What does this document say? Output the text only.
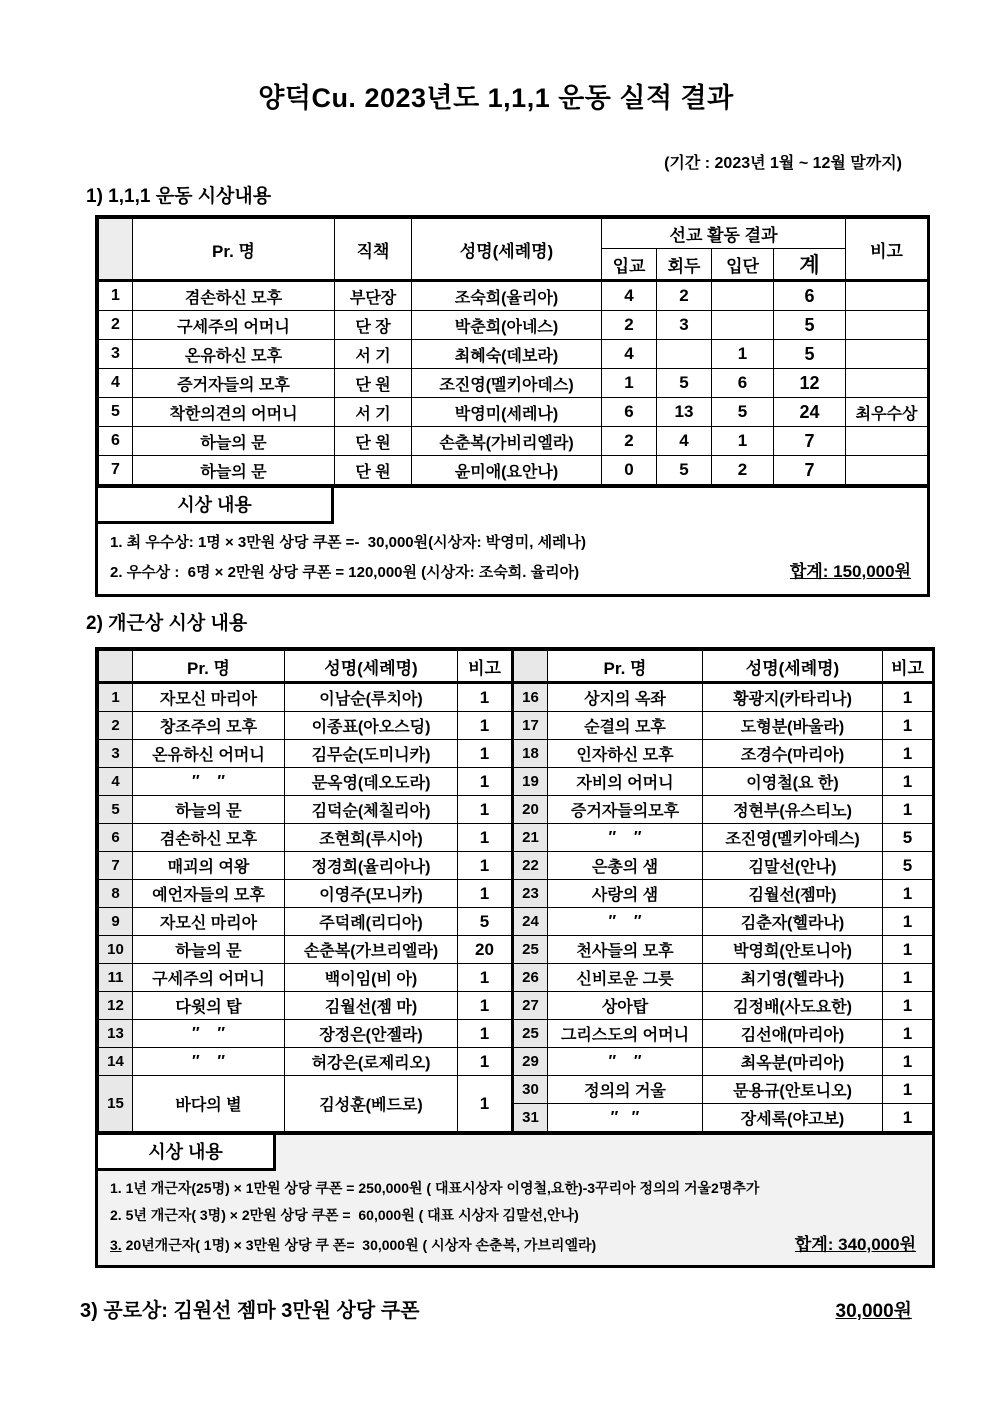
양덕Cu. 2023년도 1,1,1 운동 실적 결과
(기간 : 2023년 1월 ~ 12월 말까지)
1) 1,1,1 운동 시상내용
	Pr. 명	직책	성명(세례명)	선교 활동 결과				비고
				입교	회두	입단	계	
1	겸손하신 모후	부단장	조숙희(율리아)	4	2		6	
2	구세주의 어머니	단 장	박춘희(아네스)	2	3		5	
3	온유하신 모후	서 기	최혜숙(데보라)	4		1	5	
4	증거자들의 모후	단 원	조진영(멜키아데스)	1	5	6	12	
5	착한의견의 어머니	서 기	박영미(세레나)	6	13	5	24	최우수상
6	하늘의 문	단 원	손춘복(가비리엘라)	2	4	1	7	
7	하늘의 문	단 원	윤미애(요안나)	0	5	2	7	
시상 내용
1. 최 우수상: 1명 × 3만원 상당 쿠폰 =-  30,000원(시상자: 박영미, 세레나)
2. 우수상 :  6명 × 2만원 상당 쿠폰 = 120,000원 (시상자: 조숙희. 율리아)	합계: 150,000원
2) 개근상 시상 내용
	Pr. 명	성명(세례명)	비고		Pr. 명	성명(세례명)	비고
1	자모신 마리아	이남순(루치아)	1	16	상지의 옥좌	황광지(카타리나)	1
2	창조주의 모후	이종표(아오스딩)	1	17	순결의 모후	도형분(바울라)	1
3	온유하신 어머니	김무순(도미니카)	1	18	인자하신 모후	조경수(마리아)	1
4	″    ″	문옥영(데오도라)	1	19	자비의 어머니	이영철(요 한)	1
5	하늘의 문	김덕순(체칠리아)	1	20	증거자들의모후	정현부(유스티노)	1
6	겸손하신 모후	조현희(루시아)	1	21	″    ″	조진영(멜키아데스)	5
7	매괴의 여왕	정경희(율리아나)	1	22	은총의 샘	김말선(안나)	5
8	예언자들의 모후	이영주(모니카)	1	23	사랑의 샘	김월선(젬마)	1
9	자모신 마리아	주덕례(리디아)	5	24	″    ″	김춘자(헬라나)	1
10	하늘의 문	손춘복(가브리엘라)	20	25	천사들의 모후	박영희(안토니아)	1
11	구세주의 어머니	백이임(비 아)	1	26	신비로운 그릇	최기영(헬라나)	1
12	다윗의 탑	김월선(젬 마)	1	27	상아탑	김정배(사도요한)	1
13	″    ″	장정은(안젤라)	1	25	그리스도의 어머니	김선애(마리아)	1
14	″    ″	허강은(로제리오)	1	29	″    ″	최옥분(마리아)	1
15	바다의 별	김성훈(베드로)	1	30	정의의 거울	문용규(안토니오)	1
				31	″   ″	장세록(야고보)	1
시상 내용
1. 1년 개근자(25명) × 1만원 상당 쿠폰 = 250,000원 ( 대표시상자 이영철,요한)-3꾸리아 정의의 거울2명추가
2. 5년 개근자( 3명) × 2만원 상당 쿠폰 =  60,000원 ( 대표 시상자 김말선,안나)
3. 20년개근자( 1명) × 3만원 상당 쿠 폰=  30,000원 ( 시상자 손춘복, 가브리엘라)	합계: 340,000원
3) 공로상: 김원선 젬마 3만원 상당 쿠폰	30,000원
